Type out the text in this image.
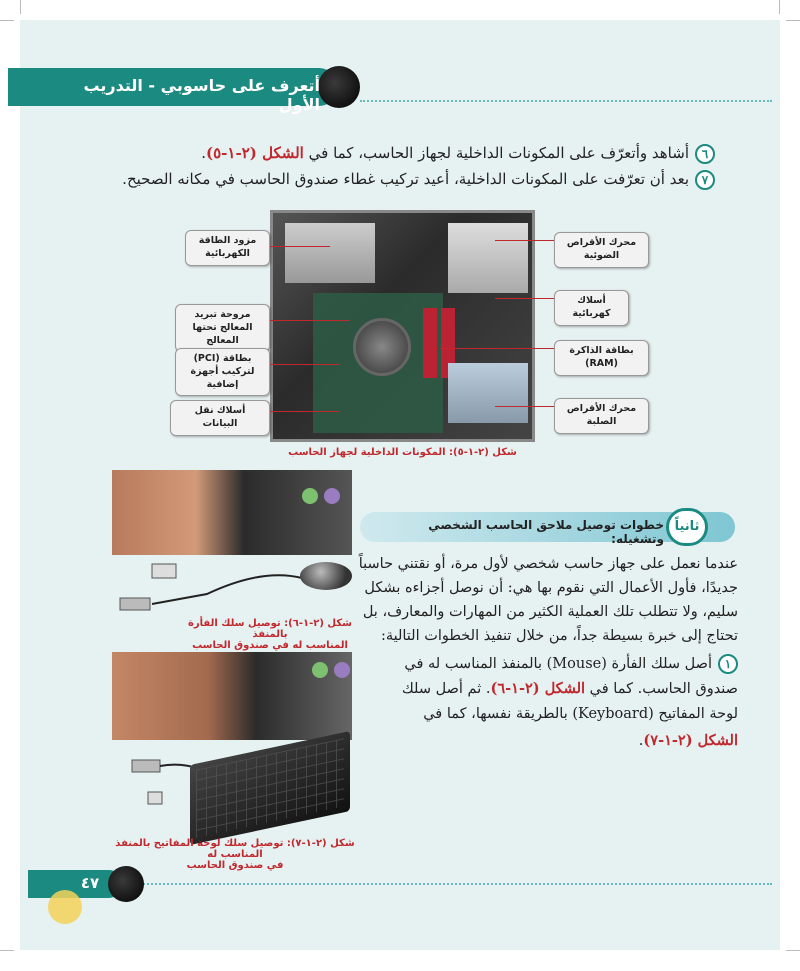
أتعرف على حاسوبي - التدريب الأول
٦أشاهد وأتعرّف على المكونات الداخلية لجهاز الحاسب، كما في الشكل (٢-١-٥).
٧بعد أن تعرّفت على المكونات الداخلية، أعيد تركيب غطاء صندوق الحاسب في مكانه الصحيح.
مزود الطاقة الكهربائية
مروحة تبريد المعالج تحتها المعالج
بطاقة (PCI) لتركيب أجهزة إضافية
أسلاك نقل البيانات
محرك الأقراص الضوئية
أسلاك كهربائية
بطاقة الذاكرة (RAM)
محرك الأقراص الصلبة
شكل (٢-١-٥): المكونات الداخلية لجهاز الحاسب
خطوات توصيل ملاحق الحاسب الشخصي وتشغيله:
ثانياً
عندما نعمل على جهاز حاسب شخصي لأول مرة، أو نقتني حاسباً
جديدًا، فأول الأعمال التي نقوم بها هي: أن نوصل أجزاءه بشكل
سليم، ولا تتطلب تلك العملية الكثير من المهارات والمعارف، بل
تحتاج إلى خبرة بسيطة جداً، من خلال تنفيذ الخطوات التالية:
١أصل سلك الفأرة (Mouse) بالمنفذ المناسب له في
صندوق الحاسب. كما في الشكل (٢-١-٦). ثم أصل سلك
لوحة المفاتيح (Keyboard) بالطريقة نفسها، كما في
الشكل (٢-١-٧).
شكل (٢-١-٦): توصيل سلك الفأرة بالمنفذ
المناسب له في صندوق الحاسب
شكل (٢-١-٧): توصيل سلك لوحة المفاتيح بالمنفذ المناسب له
في صندوق الحاسب
٤٧
